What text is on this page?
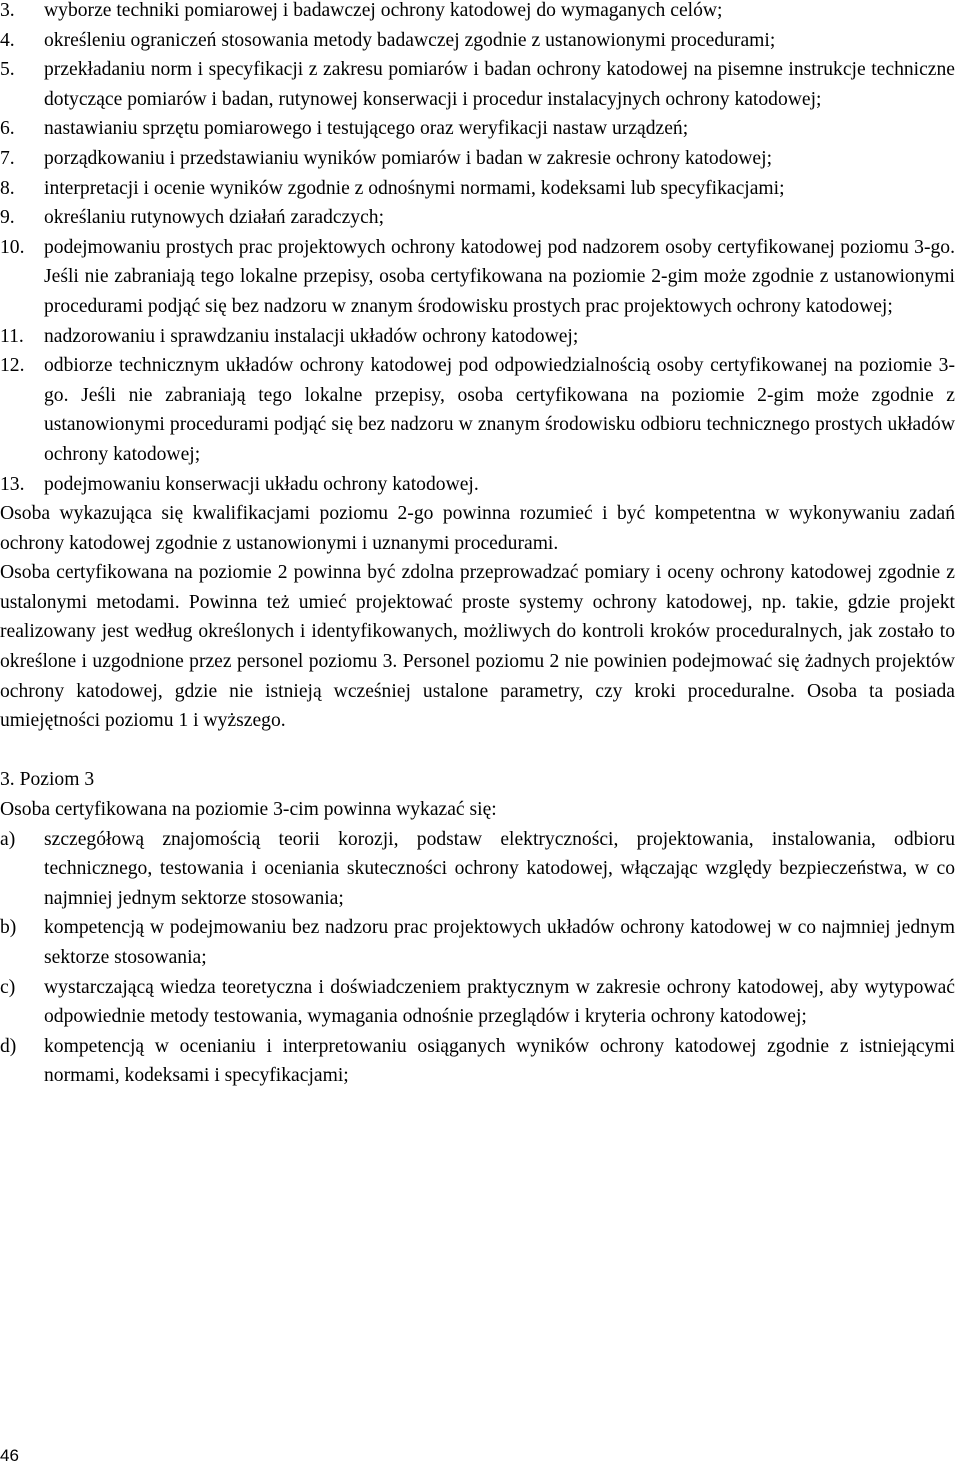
3.	wyborze techniki pomiarowej i badawczej ochrony katodowej do wymaganych celów;
4.	określeniu ograniczeń stosowania metody badawczej zgodnie z ustanowionymi procedurami;
5.	przekładaniu norm i specyfikacji z zakresu pomiarów i badan ochrony katodowej na pisemne instrukcje techniczne dotyczące pomiarów i badan, rutynowej konserwacji i procedur instalacyjnych ochrony katodowej;
6.	nastawianiu sprzętu pomiarowego i testującego oraz weryfikacji nastaw urządzeń;
7.	porządkowaniu i przedstawianiu wyników pomiarów i badan w zakresie ochrony katodowej;
8.	interpretacji i ocenie wyników zgodnie z odnośnymi normami, kodeksami lub specyfikacjami;
9.	określaniu rutynowych działań zaradczych;
10. podejmowaniu prostych prac projektowych ochrony katodowej pod nadzorem osoby certyfikowanej poziomu 3-go. Jeśli nie zabraniają tego lokalne przepisy, osoba certyfikowana na poziomie 2-gim może zgodnie z ustanowionymi procedurami podjąć się bez nadzoru w znanym środowisku prostych prac projektowych ochrony katodowej;
11.	nadzorowaniu i sprawdzaniu instalacji układów ochrony katodowej;
12. odbiorze technicznym układów ochrony katodowej pod odpowiedzialnością osoby certyfikowanej na poziomie 3-go. Jeśli nie zabraniają tego lokalne przepisy, osoba certyfikowana na poziomie 2-gim może zgodnie z ustanowionymi procedurami podjąć się bez nadzoru w znanym środowisku odbioru technicznego prostych układów ochrony katodowej;
13. podejmowaniu konserwacji układu ochrony katodowej.

Osoba wykazująca się kwalifikacjami poziomu 2-go powinna rozumieć i być kompetentna w wykonywaniu zadań ochrony katodowej zgodnie z ustanowionymi i uznanymi procedurami.

Osoba certyfikowana na poziomie 2 powinna być zdolna przeprowadzać pomiary i oceny ochrony katodowej zgodnie z ustalonymi metodami. Powinna też umieć projektować proste systemy ochrony katodowej, np. takie, gdzie projekt realizowany jest według określonych i identyfikowanych, możliwych do kontroli kroków proceduralnych, jak zostało to określone i uzgodnione przez personel poziomu 3. Personel poziomu 2 nie powinien podejmować się żadnych projektów ochrony katodowej, gdzie nie istnieją wcześniej ustalone parametry, czy kroki proceduralne. Osoba ta posiada umiejętności poziomu 1 i wyższego.

3. Poziom 3

Osoba certyfikowana na poziomie 3-cim powinna wykazać się:

a)	szczegółową znajomością teorii korozji, podstaw elektryczności, projektowania, instalowania, odbioru technicznego, testowania i oceniania skuteczności ochrony katodowej, włączając względy bezpieczeństwa, w co najmniej jednym sektorze stosowania;
b)	kompetencją w podejmowaniu bez nadzoru prac projektowych układów ochrony katodowej w co najmniej jednym sektorze stosowania;
c)	wystarczającą wiedza teoretyczna i doświadczeniem praktycznym w zakresie ochrony katodowej, aby wytypować odpowiednie metody testowania, wymagania odnośnie przeglądów i kryteria ochrony katodowej;
d)	kompetencją w ocenianiu i interpretowaniu osiąganych wyników ochrony katodowej zgodnie z istniejącymi normami, kodeksami i specyfikacjami;
46
